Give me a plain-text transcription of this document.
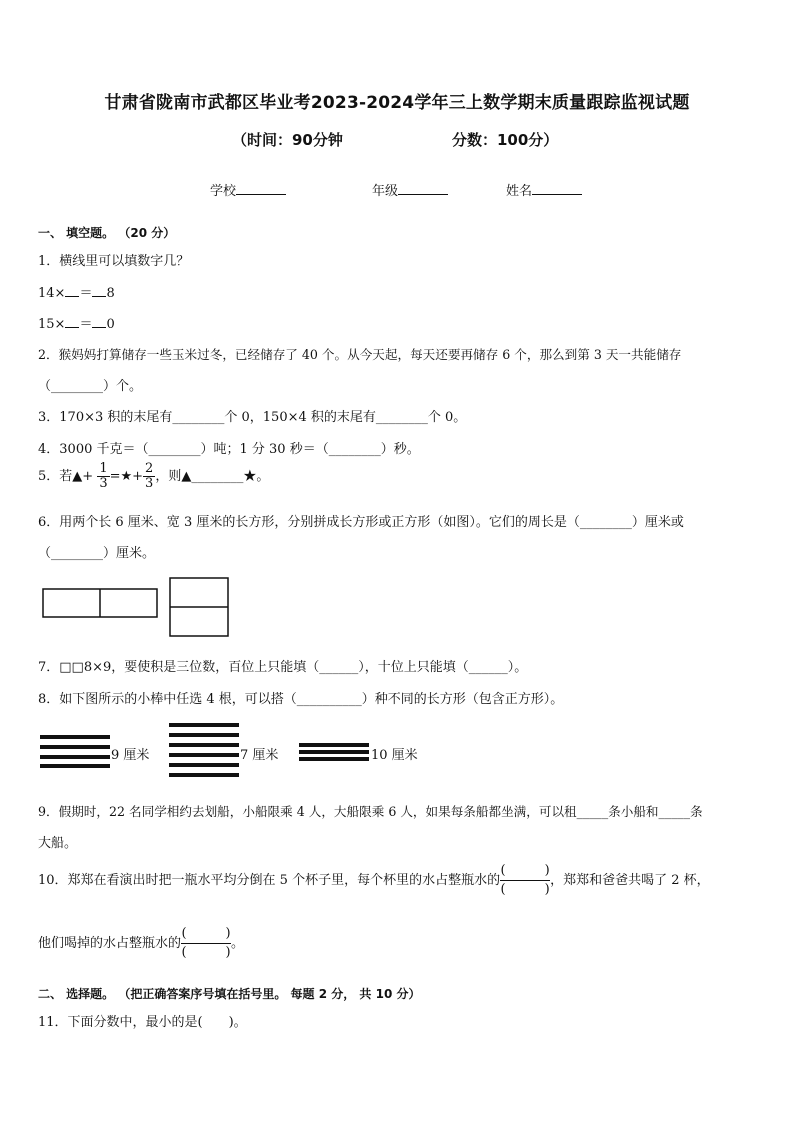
甘肃省陇南市武都区毕业考2023-2024学年三上数学期末质量跟踪监视试题
（时间：90分钟	分数：100分）
学校	年级	姓名
一、 填空题。 （20 分）
1．横线里可以填数字几？
14× ＝ 8
15× ＝ 0
2．猴妈妈打算储存一些玉米过冬，已经储存了 40 个。从今天起，每天还要再储存 6 个，那么到第 3 天一共能储存
（________）个。
3．170×3 积的末尾有________个 0，150×4 积的末尾有________个 0。
4．3000 千克＝（________）吨；1 分 30 秒＝（________）秒。
5．若▲+ $\frac{1}{3}$ =★+ $\frac{2}{3}$ ，则▲________★。
6．用两个长 6 厘米、宽 3 厘米的长方形，分别拼成长方形或正方形（如图）。它们的周长是（________）厘米或
（________）厘米。
7．□□8×9，要使积是三位数，百位上只能填（______），十位上只能填（______）。
8．如下图所示的小棒中任选 4 根，可以搭（__________）种不同的长方形（包含正方形）。
9 厘米	7 厘米	10 厘米
9．假期时，22 名同学相约去划船，小船限乘 4 人，大船限乘 6 人，如果每条船都坐满，可以租_____条小船和_____条
大船。
10．郑郑在看演出时把一瓶水平均分倒在 5 个杯子里，每个杯里的水占整瓶水的 $\frac{( )}{( )}$ ，郑郑和爸爸共喝了 2 杯，
他们喝掉的水占整瓶水的 $\frac{( )}{( )}$ 。
二、 选择题。 （把正确答案序号填在括号里。 每题 2 分， 共 10 分）
11．下面分数中，最小的是(　　)。
